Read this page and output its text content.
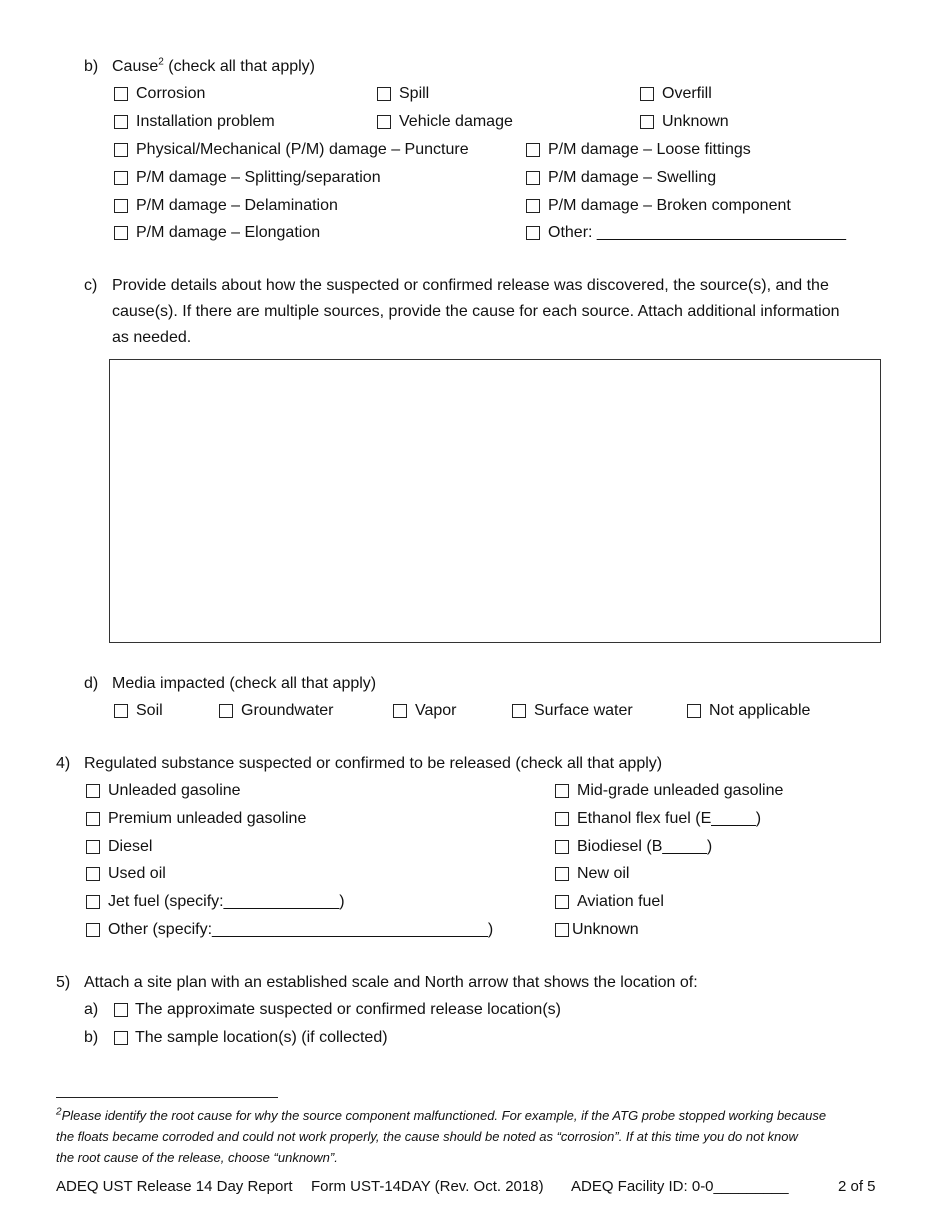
b) Cause$^2$ (check all that apply)
Corrosion	Spill	Overfill
Installation problem	Vehicle damage	Unknown
Physical/Mechanical (P/M) damage – Puncture	P/M damage – Loose fittings
P/M damage – Splitting/separation	P/M damage – Swelling
P/M damage – Delamination	P/M damage – Broken component
P/M damage – Elongation	Other: ____________________________
c) Provide details about how the suspected or confirmed release was discovered, the source(s), and the
cause(s). If there are multiple sources, provide the cause for each source. Attach additional information
as needed.
d) Media impacted (check all that apply)
Soil	Groundwater	Vapor	Surface water	Not applicable
4) Regulated substance suspected or confirmed to be released (check all that apply)
Unleaded gasoline	Mid-grade unleaded gasoline
Premium unleaded gasoline	Ethanol flex fuel (E_____)
Diesel	Biodiesel (B_____)
Used oil	New oil
Jet fuel (specify:_____________)	Aviation fuel
Other (specify:_______________________________)	Unknown
5) Attach a site plan with an established scale and North arrow that shows the location of:
a) The approximate suspected or confirmed release location(s)
b) The sample location(s) (if collected)
$^2$Please identify the root cause for why the source component malfunctioned. For example, if the ATG probe stopped working because
the floats became corroded and could not work properly, the cause should be noted as “corrosion”. If at this time you do not know
the root cause of the release, choose “unknown”.
ADEQ UST Release 14 Day Report Form UST-14DAY (Rev. Oct. 2018) ADEQ Facility ID: 0-0_________	2 of 5
